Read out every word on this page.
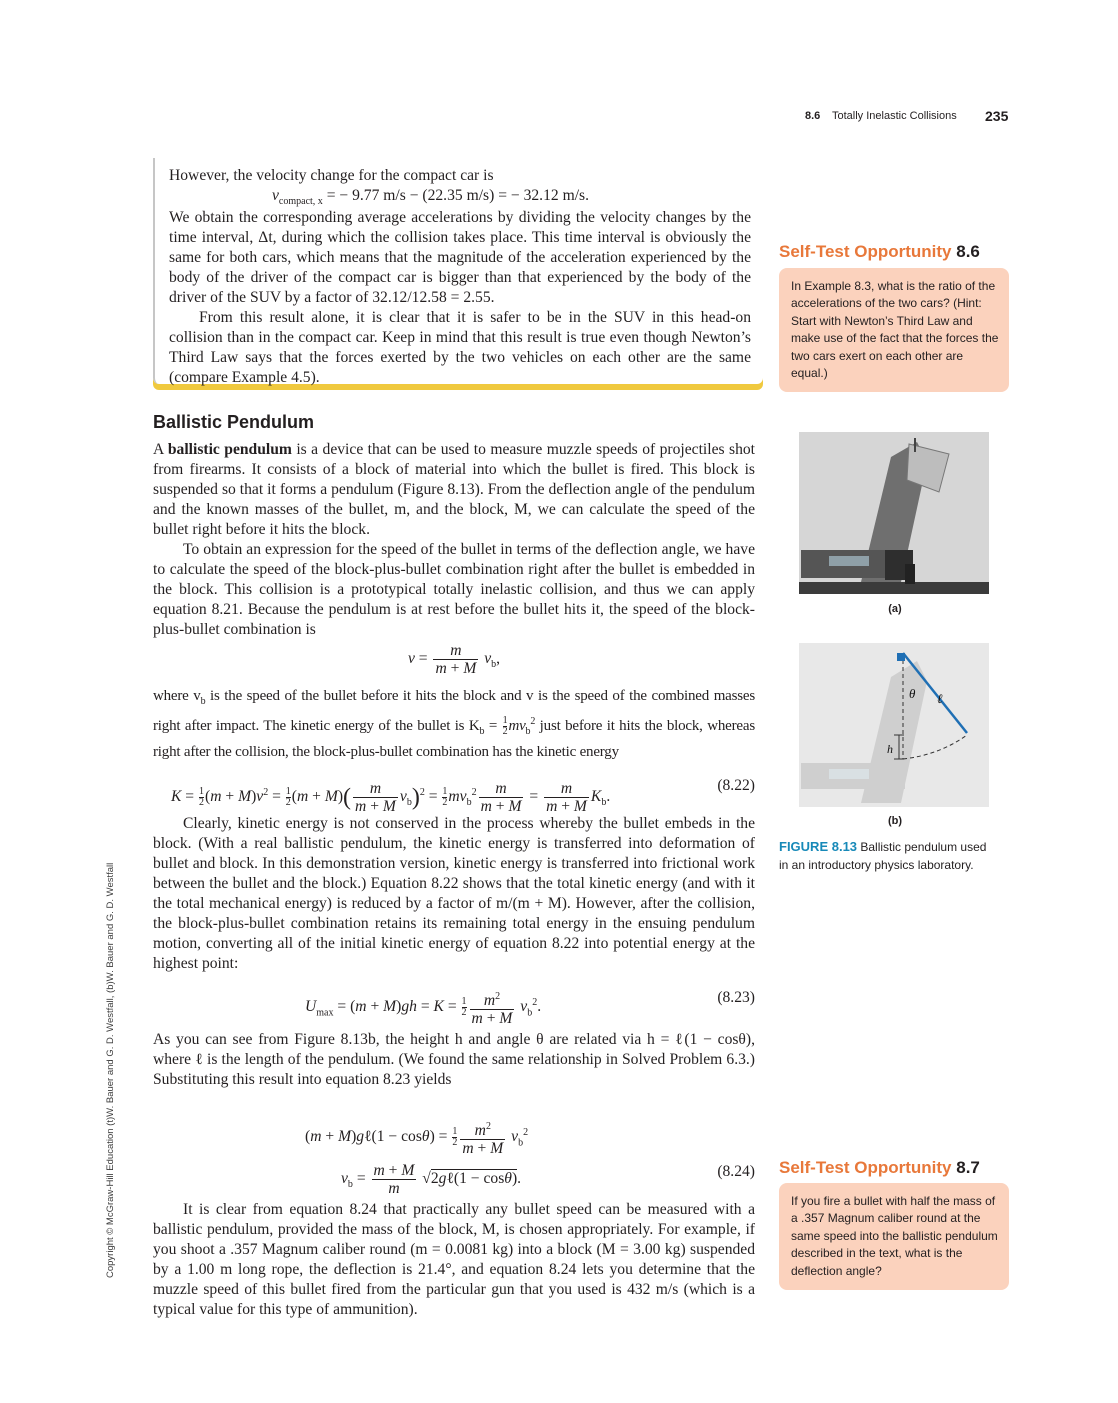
8.6 Totally Inelastic Collisions 235

However, the velocity change for the compact car is

$v_{compact, x}$ = − 9.77 m/s − (22.35 m/s) = − 32.12 m/s.

We obtain the corresponding average accelerations by dividing the velocity changes by the time interval, Δt, during which the collision takes place. This time interval is obviously the same for both cars, which means that the magnitude of the acceleration experienced by the body of the driver of the compact car is bigger than that experienced by the body of the driver of the SUV by a factor of 32.12/12.58 = 2.55.

From this result alone, it is clear that it is safer to be in the SUV in this head-on collision than in the compact car. Keep in mind that this result is true even though Newton’s Third Law says that the forces exerted by the two vehicles on each other are the same (compare Example 4.5).

Ballistic Pendulum

A ballistic pendulum is a device that can be used to measure muzzle speeds of projectiles shot from firearms. It consists of a block of material into which the bullet is fired. This block is suspended so that it forms a pendulum (Figure 8.13). From the deflection angle of the pendulum and the known masses of the bullet, m, and the block, M, we can calculate the speed of the bullet right before it hits the block.

To obtain an expression for the speed of the bullet in terms of the deflection angle, we have to calculate the speed of the block-plus-bullet combination right after the bullet is embedded in the block. This collision is a prototypical totally inelastic collision, and thus we can apply equation 8.21. Because the pendulum is at rest before the bullet hits it, the speed of the block-plus-bullet combination is

$v = \frac{m}{m + M} v_b$,

where $v_b$ is the speed of the bullet before it hits the block and v is the speed of the combined masses right after impact. The kinetic energy of the bullet is $K_b = \frac{1}{2} mv_b^2$ just before it hits the block, whereas right after the collision, the block-plus-bullet combination has the kinetic energy

$K = \frac{1}{2} (m + M)v^2 = \frac{1}{2} (m + M)( \frac{m}{m + M} v_b)^2 = \frac{1}{2} mv_b^2 \frac{m}{m + M} = \frac{m}{m + M} K_b$.
(8.22)

Clearly, kinetic energy is not conserved in the process whereby the bullet embeds in the block. (With a real ballistic pendulum, the kinetic energy is transferred into deformation of bullet and block. In this demonstration version, kinetic energy is transferred into frictional work between the bullet and the block.) Equation 8.22 shows that the total kinetic energy (and with it the total mechanical energy) is reduced by a factor of m/(m + M). However, after the collision, the block-plus-bullet combination retains its remaining total energy in the ensuing pendulum motion, converting all of the initial kinetic energy of equation 8.22 into potential energy at the highest point:

$U_{max} = (m + M)gh = K = \frac{1}{2} \frac{m^2}{m + M} v_b^2$.
(8.23)

As you can see from Figure 8.13b, the height h and angle θ are related via h = ℓ(1 − cosθ), where ℓ is the length of the pendulum. (We found the same relationship in Solved Problem 6.3.) Substituting this result into equation 8.23 yields

(m + M)gℓ(1 − $\cos\theta) = \frac{1}{2} \frac{m^2}{m + M} v_b^2$
$v_b = \frac{m + M}{m}$ √2gℓ(1 − cosθ).	(8.24)

It is clear from equation 8.24 that practically any bullet speed can be measured with a ballistic pendulum, provided the mass of the block, M, is chosen appropriately. For example, if you shoot a .357 Magnum caliber round (m = 0.0081 kg) into a block (M = 3.00 kg) suspended by a 1.00 m long rope, the deflection is 21.4°, and equation 8.24 lets you determine that the muzzle speed of this bullet fired from the particular gun that you used is 432 m/s (which is a typical value for this type of ammunition).

Self-Test Opportunity 8.6
In Example 8.3, what is the ratio of the accelerations of the two cars? (Hint: Start with Newton’s Third Law and make use of the fact that the forces the two cars exert on each other are equal.)
(a)
θ ℓ
h
(b)
FIGURE 8.13 Ballistic pendulum used in an introductory physics laboratory.
Self-Test Opportunity 8.7
If you fire a bullet with half the mass of a .357 Magnum caliber round at the same speed into the ballistic pendulum described in the text, what is the deflection angle?
Copyright © McGraw-Hill Education (t)W. Bauer and G. D. Westfall, (b)W. Bauer and G. D. Westfall
